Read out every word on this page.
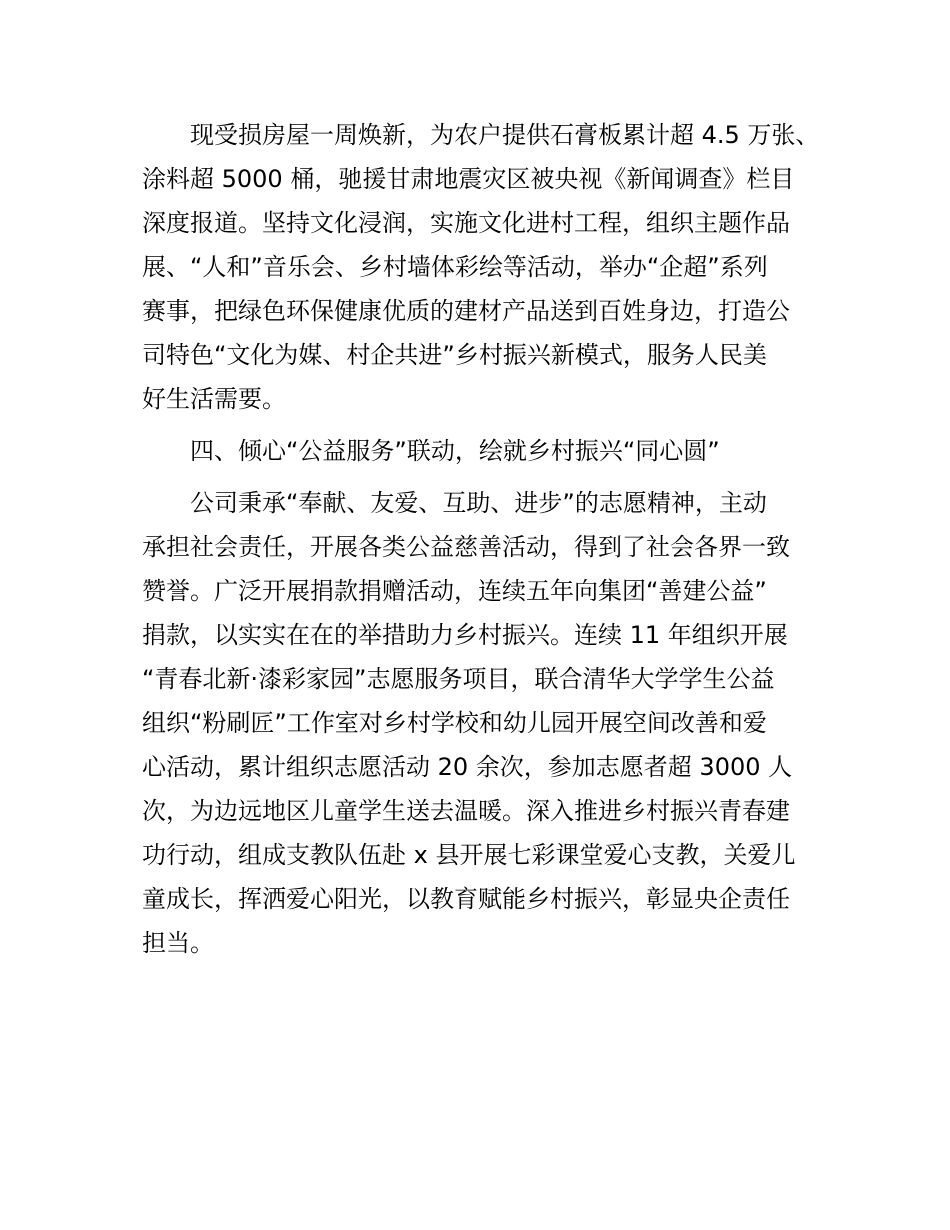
现受损房屋一周焕新，为农户提供石膏板累计超 4.5 万张、
涂料超 5000 桶，驰援甘肃地震灾区被央视《新闻调查》栏目
深度报道。坚持文化浸润，实施文化进村工程，组织主题作品
展、“人和”音乐会、乡村墙体彩绘等活动，举办“企超”系列
赛事，把绿色环保健康优质的建材产品送到百姓身边，打造公
司特色“文化为媒、村企共进”乡村振兴新模式，服务人民美
好生活需要。
四、倾心“公益服务”联动，绘就乡村振兴“同心圆”
公司秉承“奉献、友爱、互助、进步”的志愿精神，主动
承担社会责任，开展各类公益慈善活动，得到了社会各界一致
赞誉。广泛开展捐款捐赠活动，连续五年向集团“善建公益”
捐款，以实实在在的举措助力乡村振兴。连续 11 年组织开展
“青春北新·漆彩家园”志愿服务项目，联合清华大学学生公益
组织“粉刷匠”工作室对乡村学校和幼儿园开展空间改善和爱
心活动，累计组织志愿活动 20 余次，参加志愿者超 3000 人
次，为边远地区儿童学生送去温暖。深入推进乡村振兴青春建
功行动，组成支教队伍赴 x 县开展七彩课堂爱心支教，关爱儿
童成长，挥洒爱心阳光，以教育赋能乡村振兴，彰显央企责任
担当。
